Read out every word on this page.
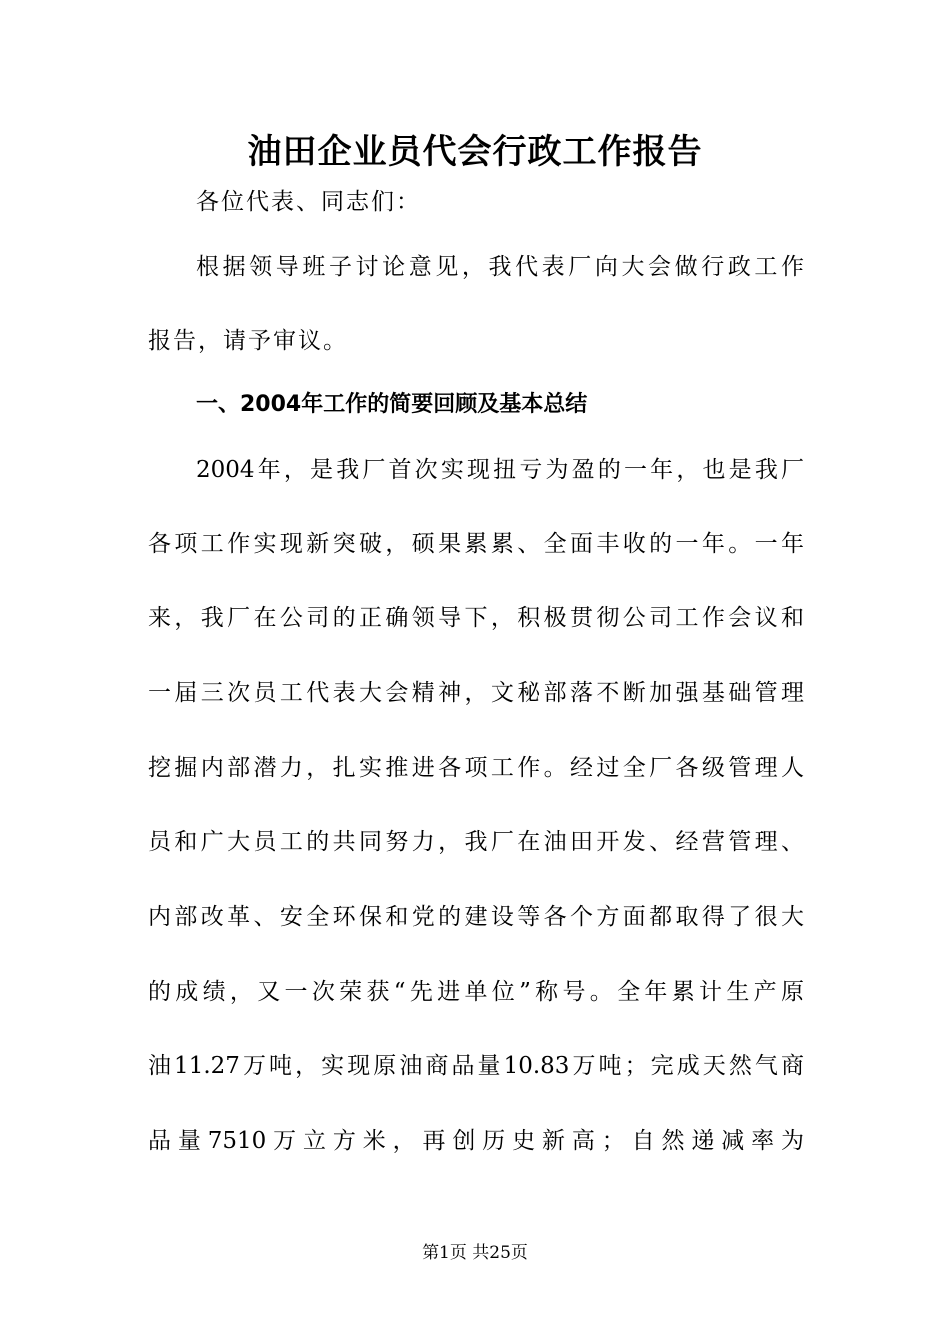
油田企业员代会行政工作报告
各位代表、同志们：
根据领导班子讨论意见，我代表厂向大会做行政工作
报告，请予审议。
一、2004年工作的简要回顾及基本总结
2004年，是我厂首次实现扭亏为盈的一年，也是我厂
各项工作实现新突破，硕果累累、全面丰收的一年。一年
来，我厂在公司的正确领导下，积极贯彻公司工作会议和
一届三次员工代表大会精神，文秘部落不断加强基础管理
挖掘内部潜力，扎实推进各项工作。经过全厂各级管理人
员和广大员工的共同努力，我厂在油田开发、经营管理、
内部改革、安全环保和党的建设等各个方面都取得了很大
的成绩，又一次荣获“先进单位”称号。全年累计生产原
油11.27万吨，实现原油商品量10.83万吨；完成天然气商
品量7510万立方米，再创历史新高；自然递减率为
第1页 共25页
